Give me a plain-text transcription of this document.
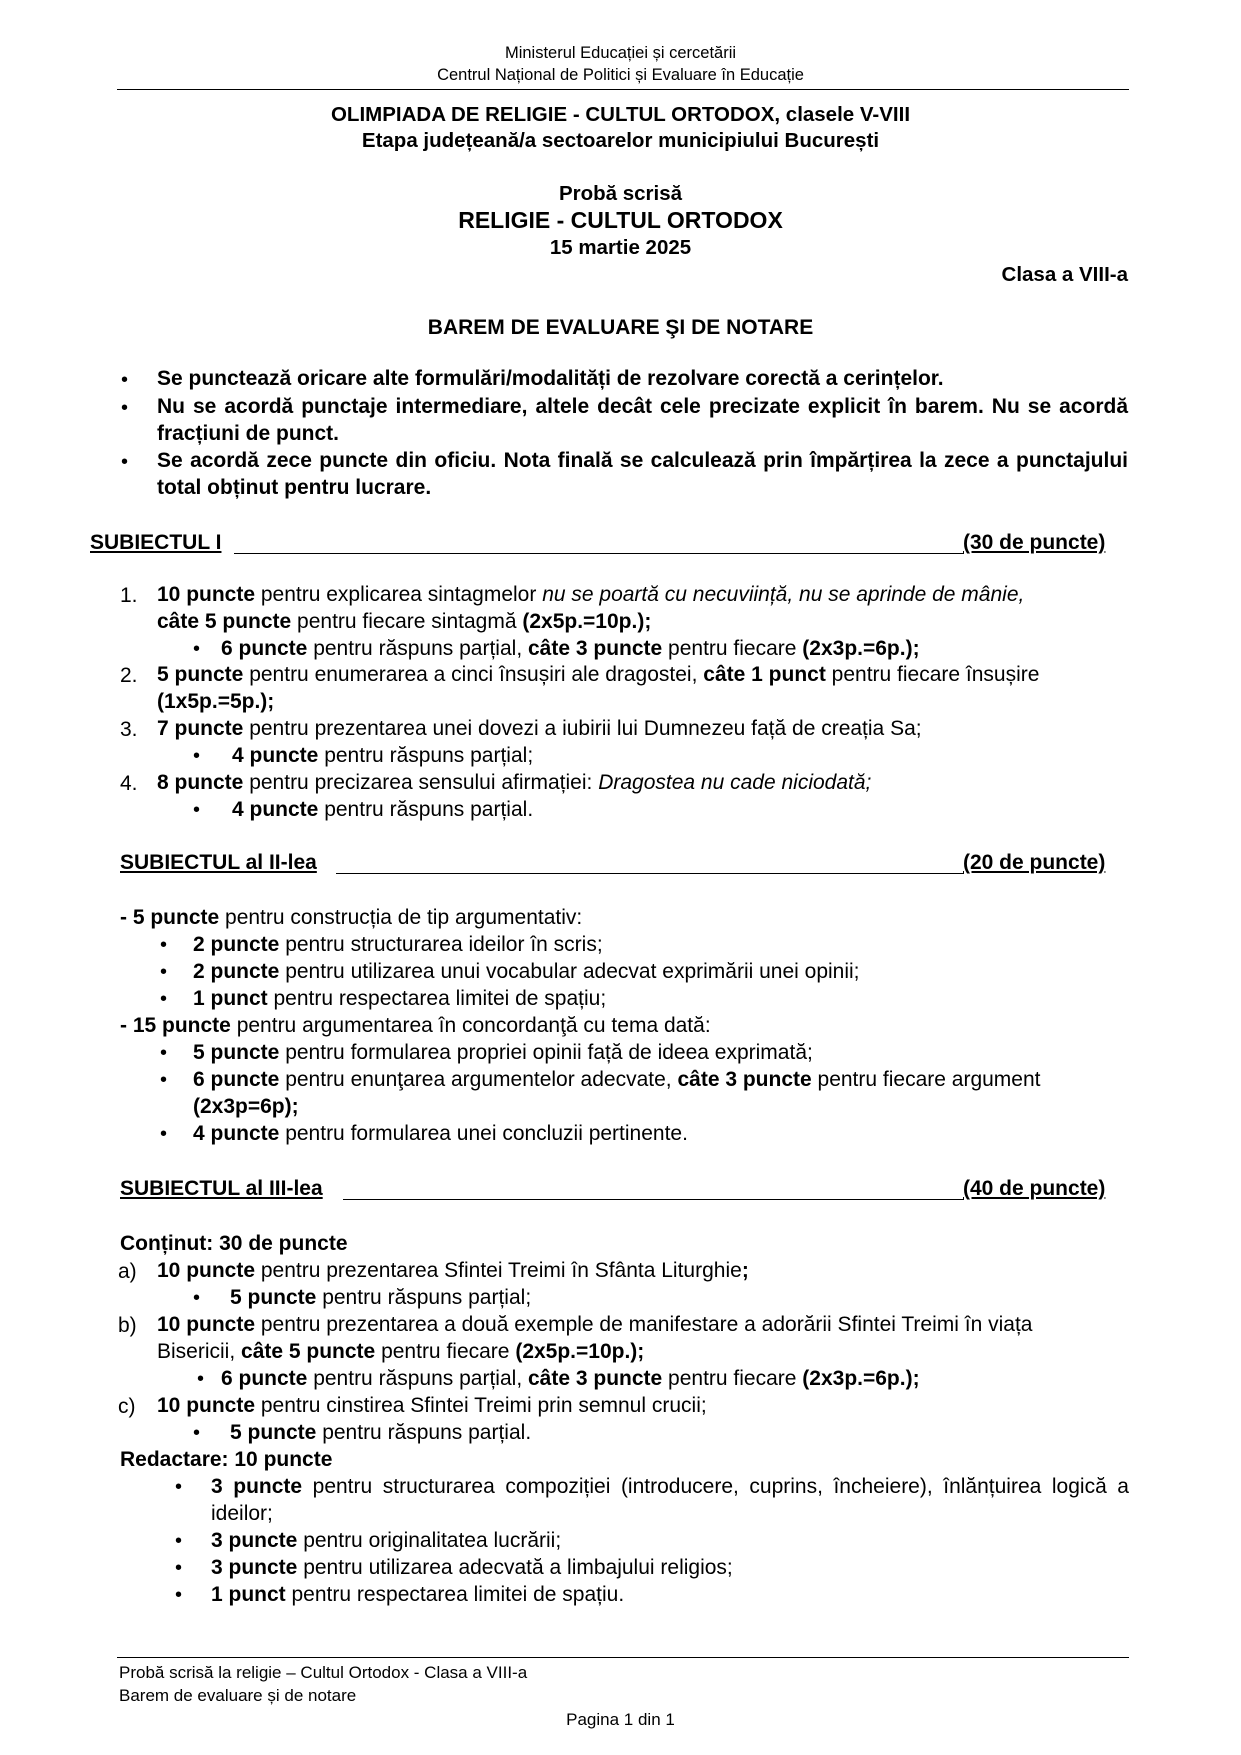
Ministerul Educației și cercetării
Centrul Național de Politici și Evaluare în Educație
OLIMPIADA DE RELIGIE - CULTUL ORTODOX, clasele V-VIII
Etapa județeană/a sectoarelor municipiului București
Probă scrisă
RELIGIE - CULTUL ORTODOX
15 martie 2025
Clasa a VIII-a
BAREM DE EVALUARE ŞI DE NOTARE
• Se punctează oricare alte formulări/modalități de rezolvare corectă a cerințelor.
• Nu se acordă punctaje intermediare, altele decât cele precizate explicit în barem. Nu se acordă fracțiuni de punct.
• Se acordă zece puncte din oficiu. Nota finală se calculează prin împărțirea la zece a punctajului total obținut pentru lucrare.
SUBIECTUL I	(30 de puncte)
1. 10 puncte pentru explicarea sintagmelor nu se poartă cu necuviință, nu se aprinde de mânie,
câte 5 puncte pentru fiecare sintagmă (2x5p.=10p.);
• 6 puncte pentru răspuns parțial, câte 3 puncte pentru fiecare (2x3p.=6p.);
2. 5 puncte pentru enumerarea a cinci însușiri ale dragostei, câte 1 punct pentru fiecare însușire
(1x5p.=5p.);
3. 7 puncte pentru prezentarea unei dovezi a iubirii lui Dumnezeu față de creația Sa;
• 4 puncte pentru răspuns parțial;
4. 8 puncte pentru precizarea sensului afirmației: Dragostea nu cade niciodată;
• 4 puncte pentru răspuns parțial.
SUBIECTUL al II-lea	(20 de puncte)
- 5 puncte pentru construcția de tip argumentativ:
• 2 puncte pentru structurarea ideilor în scris;
• 2 puncte pentru utilizarea unui vocabular adecvat exprimării unei opinii;
• 1 punct pentru respectarea limitei de spațiu;
- 15 puncte pentru argumentarea în concordanţă cu tema dată:
• 5 puncte pentru formularea propriei opinii față de ideea exprimată;
• 6 puncte pentru enunţarea argumentelor adecvate, câte 3 puncte pentru fiecare argument
(2x3p=6p);
• 4 puncte pentru formularea unei concluzii pertinente.
SUBIECTUL al III-lea	(40 de puncte)
Conținut: 30 de puncte
a) 10 puncte pentru prezentarea Sfintei Treimi în Sfânta Liturghie;
• 5 puncte pentru răspuns parțial;
b) 10 puncte pentru prezentarea a două exemple de manifestare a adorării Sfintei Treimi în viața
Bisericii, câte 5 puncte pentru fiecare (2x5p.=10p.);
• 6 puncte pentru răspuns parțial, câte 3 puncte pentru fiecare (2x3p.=6p.);
c) 10 puncte pentru cinstirea Sfintei Treimi prin semnul crucii;
• 5 puncte pentru răspuns parțial.
Redactare: 10 puncte
• 3 puncte pentru structurarea compoziției (introducere, cuprins, încheiere), înlănțuirea logică a ideilor;
• 3 puncte pentru originalitatea lucrării;
• 3 puncte pentru utilizarea adecvată a limbajului religios;
• 1 punct pentru respectarea limitei de spațiu.
Probă scrisă la religie – Cultul Ortodox - Clasa a VIII-a
Barem de evaluare și de notare
Pagina 1 din 1
